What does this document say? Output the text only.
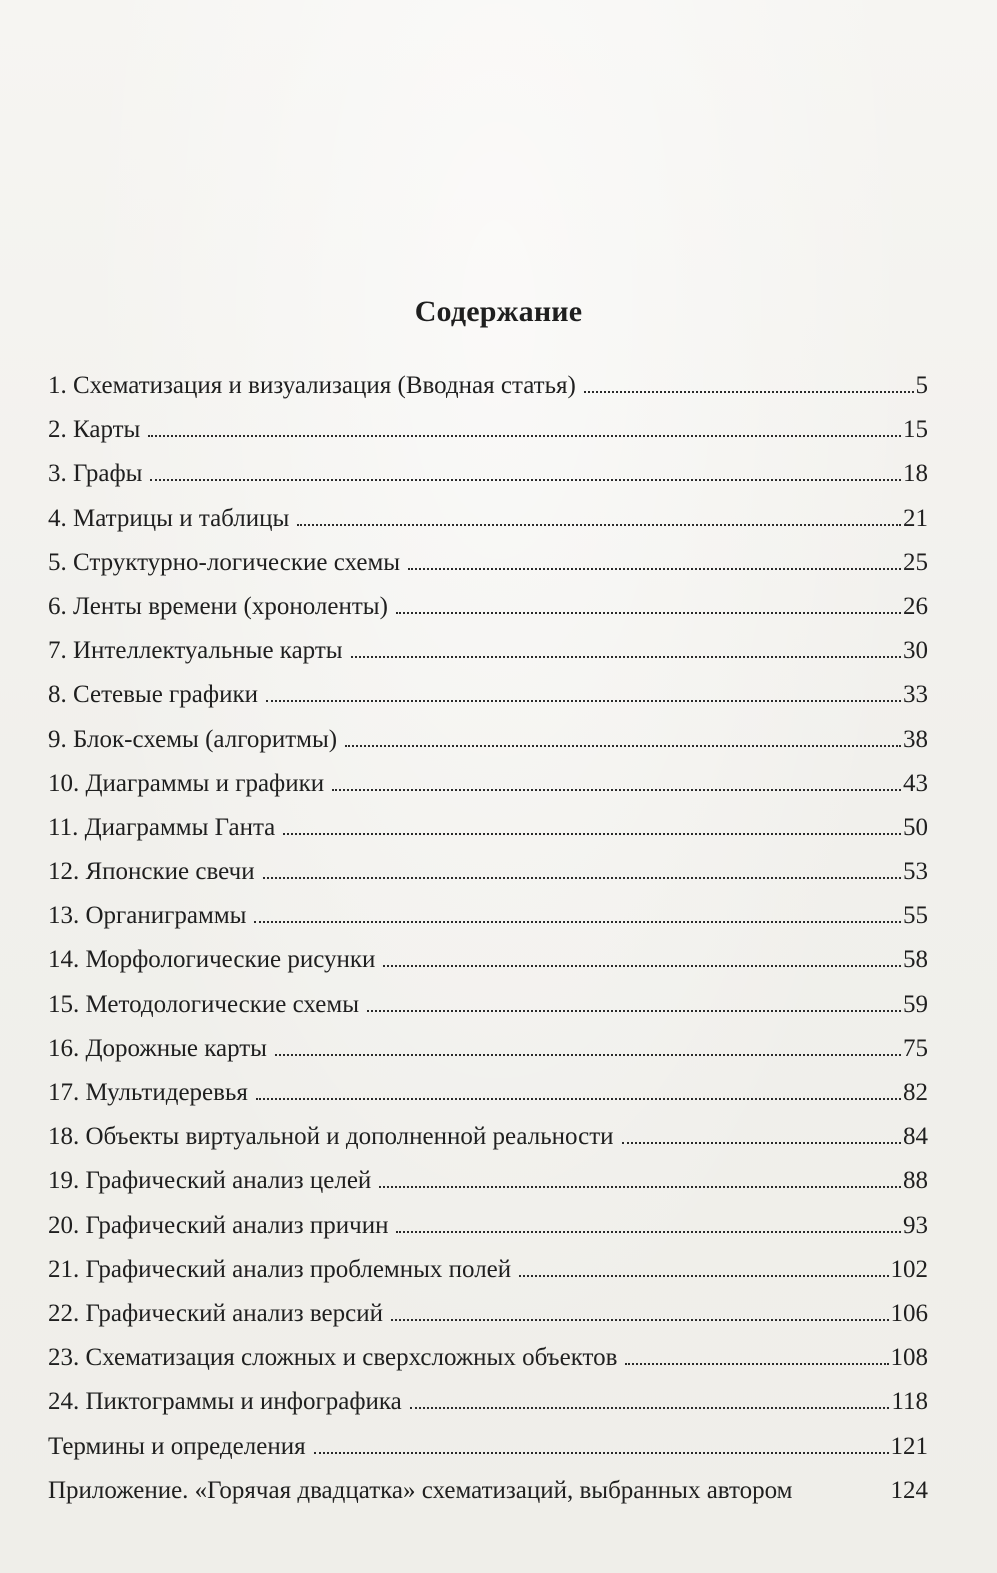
Содержание
1. Схематизация и визуализация (Вводная статья)	5
2. Карты	15
3. Графы	18
4. Матрицы и таблицы	21
5. Структурно-логические схемы	25
6. Ленты времени (хроноленты)	26
7. Интеллектуальные карты	30
8. Сетевые графики	33
9. Блок-схемы (алгоритмы)	38
10. Диаграммы и графики	43
11. Диаграммы Ганта	50
12. Японские свечи	53
13. Органиграммы	55
14. Морфологические рисунки	58
15. Методологические схемы	59
16. Дорожные карты	75
17. Мультидеревья	82
18. Объекты виртуальной и дополненной реальности	84
19. Графический анализ целей	88
20. Графический анализ причин	93
21. Графический анализ проблемных полей	102
22. Графический анализ версий	106
23. Схематизация сложных и сверхсложных объектов	108
24. Пиктограммы и инфографика	118
Термины и определения	121
Приложение. «Горячая двадцатка» схематизаций, выбранных автором	124
